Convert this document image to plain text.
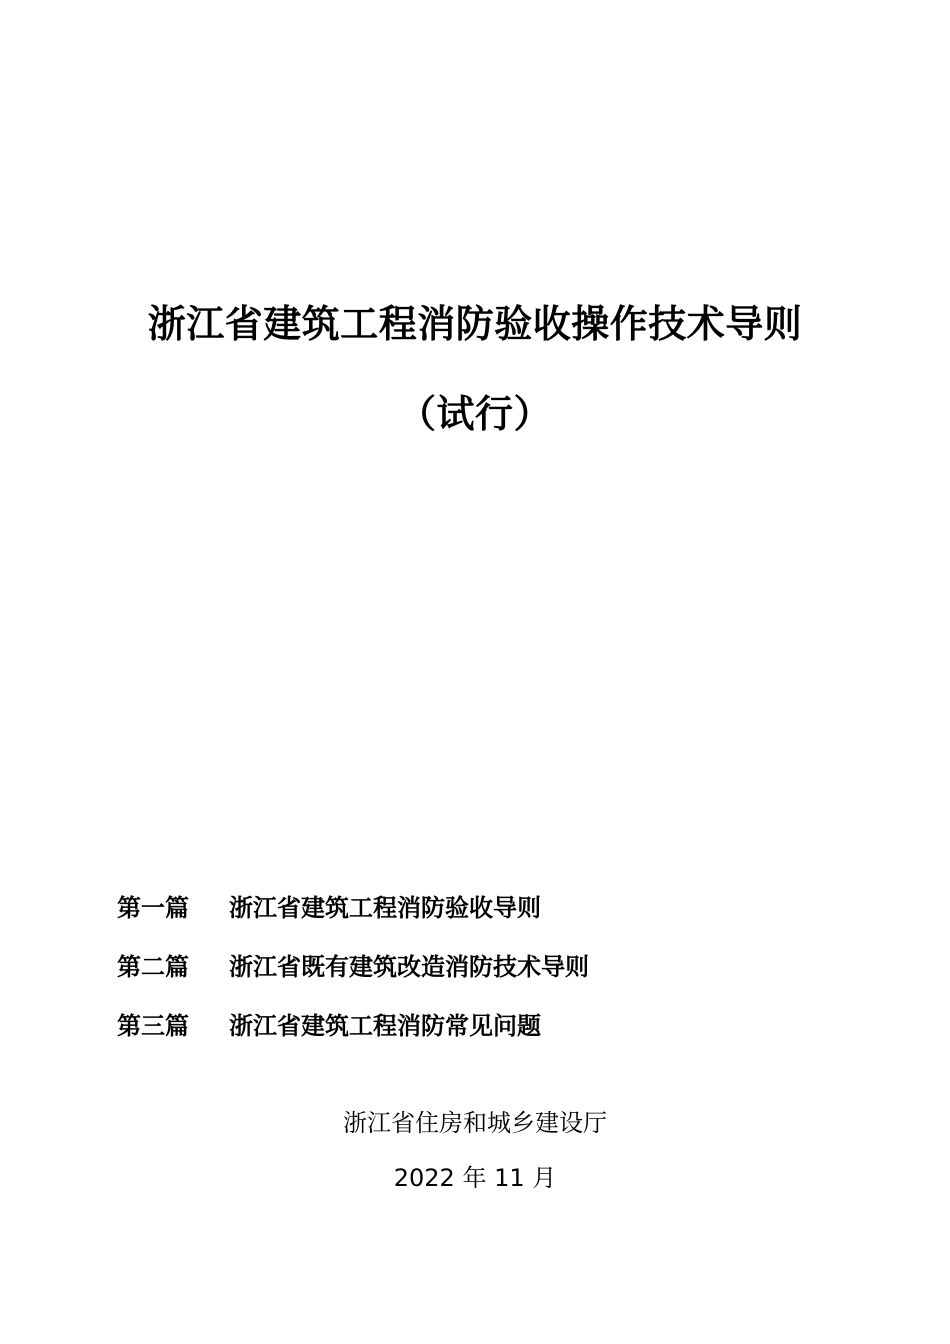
浙江省建筑工程消防验收操作技术导则
（试行）
第一篇 浙江省建筑工程消防验收导则
第二篇 浙江省既有建筑改造消防技术导则
第三篇 浙江省建筑工程消防常见问题
浙江省住房和城乡建设厅
2022 年 11 月
